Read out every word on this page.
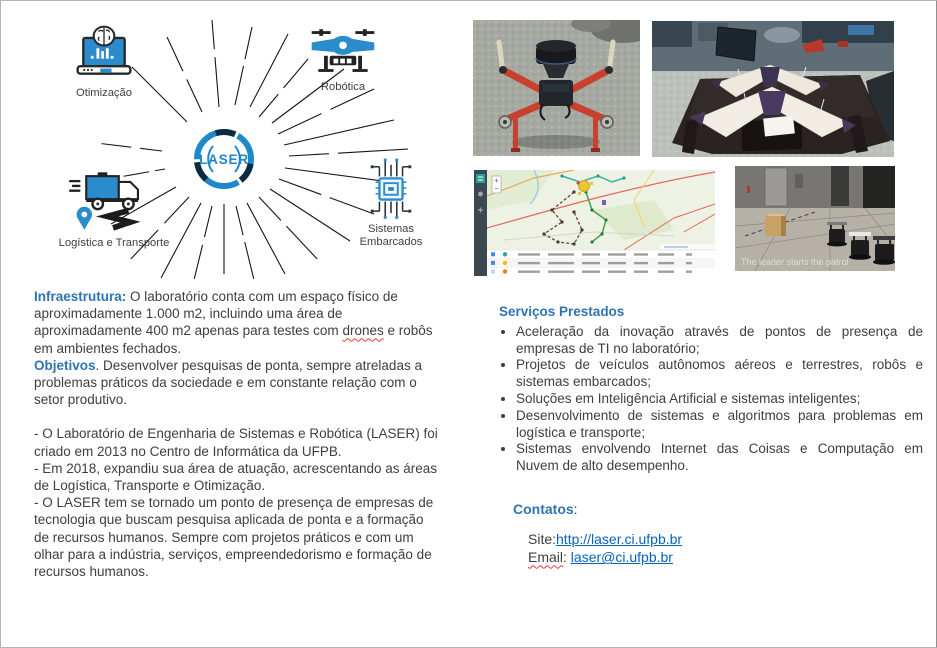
LASER
Otimização	Robótica
Logística e Transporte
Sistemas Embarcados
+
−
The leader starts the patrol

Infraestrutura: O laboratório conta com um espaço físico de aproximadamente 1.000 m2, incluindo uma área de aproximadamente 400 m2 apenas para testes com drones e robôs em ambientes fechados.

Objetivos. Desenvolver pesquisas de ponta, sempre atreladas a problemas práticos da sociedade e em constante relação com o setor produtivo.

- O Laboratório de Engenharia de Sistemas e Robótica (LASER) foi criado em 2013 no Centro de Informática da UFPB.

- Em 2018, expandiu sua área de atuação, acrescentando as áreas de Logística, Transporte e Otimização.

- O LASER tem se tornado um ponto de presença de empresas de tecnologia que buscam pesquisa aplicada de ponta e a formação de recursos humanos. Sempre com projetos práticos e com um olhar para a indústria, serviços, empreendedorismo e formação de recursos humanos.

Serviços Prestados
• Aceleração da inovação através de pontos de presença de empresas de TI no laboratório;
• Projetos de veículos autônomos aéreos e terrestres, robôs e sistemas embarcados;
• Soluções em Inteligência Artificial e sistemas inteligentes;
• Desenvolvimento de sistemas e algoritmos para problemas em logística e transporte;
• Sistemas envolvendo Internet das Coisas e Computação em Nuvem de alto desempenho.
Contatos:
Site:http://laser.ci.ufpb.br
Email: laser@ci.ufpb.br
